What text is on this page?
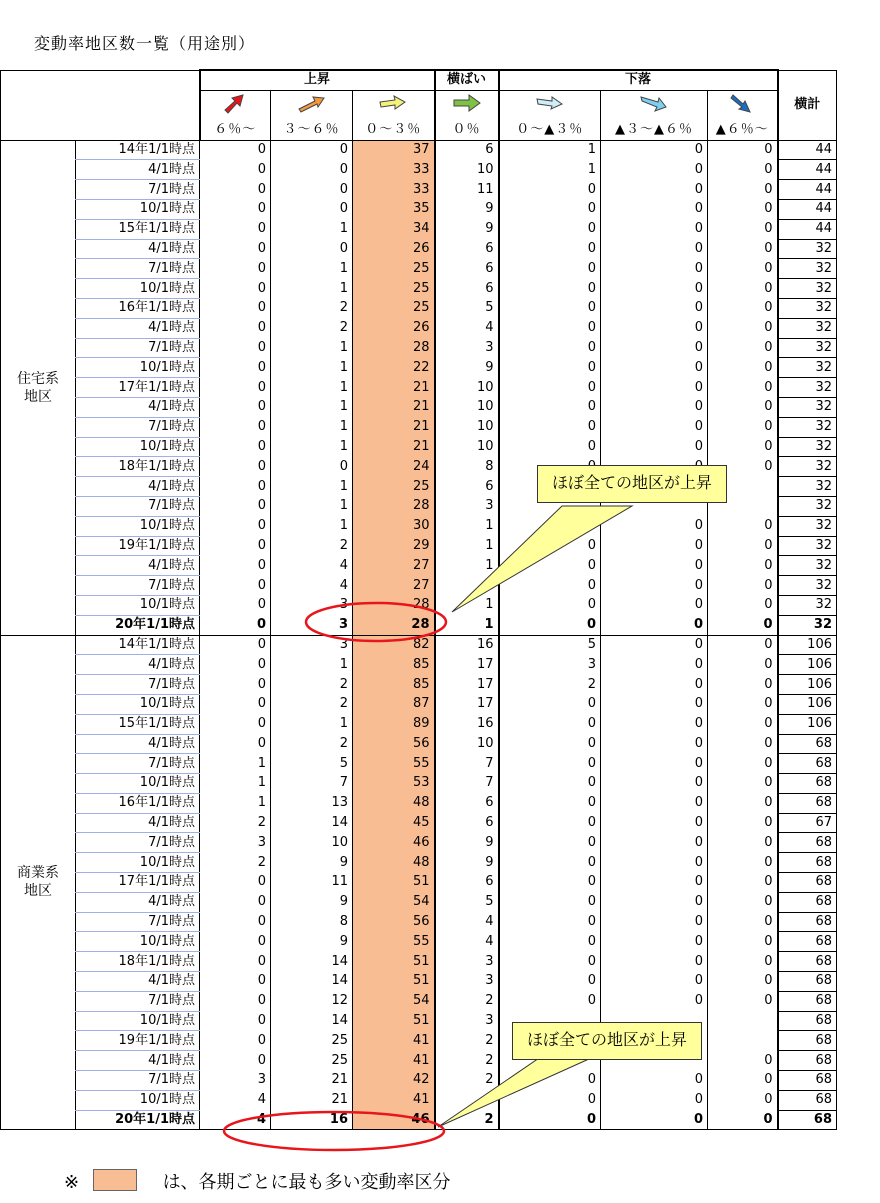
変動率地区数一覧（用途別）
		上昇			横ばい	下落			横計

		６％～	３～６％	０～３％	０％	０～▲３％	▲３～▲６％	▲６％～	

住宅系
地区	14年1/1時点	0	0	37	6	1	0	0	44
	4/1時点	0	0	33	10	1	0	0	44
	7/1時点	0	0	33	11	0	0	0	44
	10/1時点	0	0	35	9	0	0	0	44
	15年1/1時点	0	1	34	9	0	0	0	44
	4/1時点	0	0	26	6	0	0	0	32
	7/1時点	0	1	25	6	0	0	0	32
	10/1時点	0	1	25	6	0	0	0	32
	16年1/1時点	0	2	25	5	0	0	0	32
	4/1時点	0	2	26	4	0	0	0	32
	7/1時点	0	1	28	3	0	0	0	32
	10/1時点	0	1	22	9	0	0	0	32
	17年1/1時点	0	1	21	10	0	0	0	32
	4/1時点	0	1	21	10	0	0	0	32
	7/1時点	0	1	21	10	0	0	0	32
	10/1時点	0	1	21	10	0	0	0	32
	18年1/1時点	0	0	24	8			0	32
	4/1時点	0	1	25	6				32
	7/1時点	0	1	28	3				32
	10/1時点	0	1	30	1		0	0	32
	19年1/1時点	0	2	29	1	0	0	0	32
	4/1時点	0	4	27	1	0	0	0	32
	7/1時点	0	4	27		0	0	0	32
	10/1時点	0	3	28	1	0	0	0	32
	20年1/1時点	0	3	28	1	0	0	0	32

商業系
地区	14年1/1時点	0	3	82	16	5	0	0	106
	4/1時点	0	1	85	17	3	0	0	106
	7/1時点	0	2	85	17	2	0	0	106
	10/1時点	0	2	87	17	0	0	0	106
	15年1/1時点	0	1	89	16	0	0	0	106
	4/1時点	0	2	56	10	0	0	0	68
	7/1時点	1	5	55	7	0	0	0	68
	10/1時点	1	7	53	7	0	0	0	68
	16年1/1時点	1	13	48	6	0	0	0	68
	4/1時点	2	14	45	6	0	0	0	67
	7/1時点	3	10	46	9	0	0	0	68
	10/1時点	2	9	48	9	0	0	0	68
	17年1/1時点	0	11	51	6	0	0	0	68
	4/1時点	0	9	54	5	0	0	0	68
	7/1時点	0	8	56	4	0	0	0	68
	10/1時点	0	9	55	4	0	0	0	68
	18年1/1時点	0	14	51	3	0	0	0	68
	4/1時点	0	14	51	3	0	0	0	68
	7/1時点	0	12	54	2	0	0	0	68
	10/1時点	0	14	51	3				68
	19年1/1時点	0	25	41	2				68
	4/1時点	0	25	41	2			0	68
	7/1時点	3	21	42	2	0	0	0	68
	10/1時点	4	21	41		0	0	0	68
	20年1/1時点	4	16	46	2	0	0	0	68
ほぼ全ての地区が上昇
ほぼ全ての地区が上昇
※	は、各期ごとに最も多い変動率区分
